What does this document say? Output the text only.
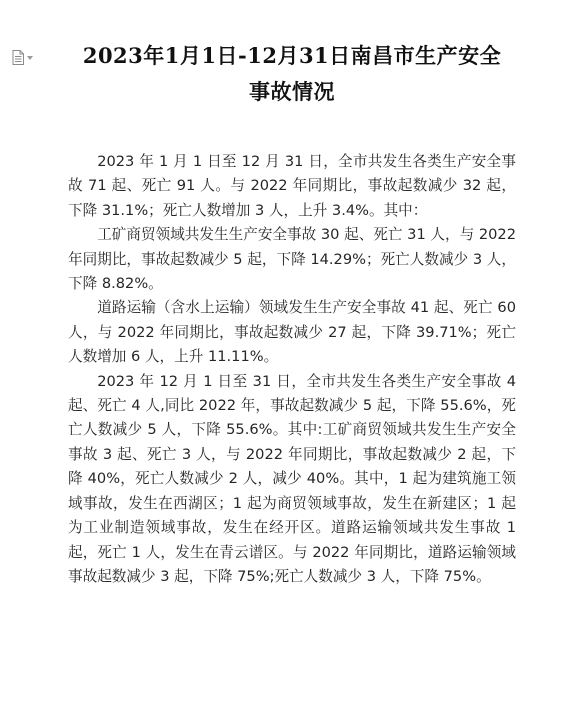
2023年1月1日-12月31日南昌市生产安全
事故情况

2023 年 1 月 1 日至 12 月 31 日，全市共发生各类生产安全事故 71 起、死亡 91 人。与 2022 年同期比，事故起数减少 32 起，下降 31.1%；死亡人数增加 3 人，上升 3.4%。其中：

工矿商贸领域共发生生产安全事故 30 起、死亡 31 人，与 2022 年同期比，事故起数减少 5 起，下降 14.29%；死亡人数减少 3 人，下降 8.82%。

道路运输（含水上运输）领域发生生产安全事故 41 起、死亡 60 人，与 2022 年同期比，事故起数减少 27 起，下降 39.71%；死亡人数增加 6 人，上升 11.11%。

2023 年 12 月 1 日至 31 日，全市共发生各类生产安全事故 4 起、死亡 4 人,同比 2022 年，事故起数减少 5 起，下降 55.6%，死亡人数减少 5 人，下降 55.6%。其中:工矿商贸领域共发生生产安全事故 3 起、死亡 3 人，与 2022 年同期比，事故起数减少 2 起，下降 40%，死亡人数减少 2 人，减少 40%。其中，1 起为建筑施工领域事故，发生在西湖区；1 起为商贸领域事故，发生在新建区；1 起为工业制造领域事故，发生在经开区。道路运输领域共发生事故 1 起，死亡 1 人，发生在青云谱区。与 2022 年同期比，道路运输领域事故起数减少 3 起，下降 75%;死亡人数减少 3 人，下降 75%。
